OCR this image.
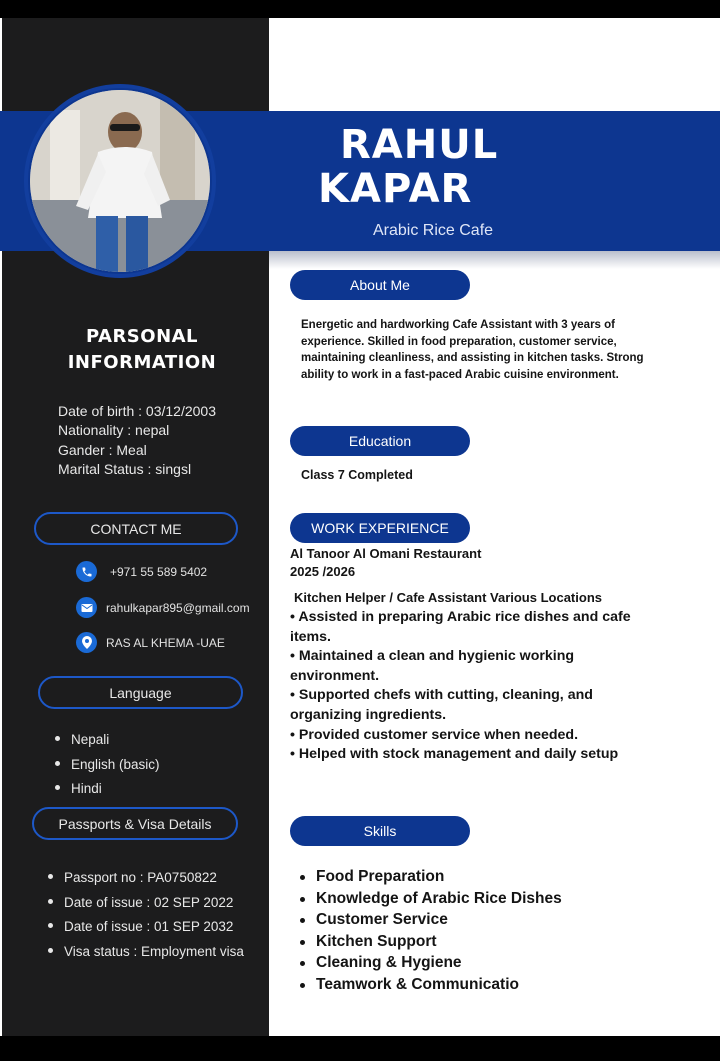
RAHUL
KAPAR
Arabic Rice Cafe
PARSONAL
INFORMATION
Date of birth : 03/12/2003
Nationality : nepal
Gander : Meal
Marital Status : singsl
CONTACT ME
+971 55 589 5402
rahulkapar895@gmail.com
RAS AL KHEMA -UAE
Language
Nepali
English (basic)
Hindi
Passports & Visa Details
Passport no : PA0750822
Date of issue : 02 SEP 2022
Date of issue : 01 SEP 2032
Visa status : Employment visa
About Me
Energetic and hardworking Cafe Assistant with 3 years of experience. Skilled in food preparation, customer service, maintaining cleanliness, and assisting in kitchen tasks. Strong ability to work in a fast-paced Arabic cuisine environment.
Education
Class 7 Completed
WORK EXPERIENCE
Al Tanoor Al Omani Restaurant
2025 /2026
Kitchen Helper / Cafe Assistant Various Locations
• Assisted in preparing Arabic rice dishes and cafe items.
• Maintained a clean and hygienic working environment.
• Supported chefs with cutting, cleaning, and organizing ingredients.
• Provided customer service when needed.
• Helped with stock management and daily setup
Skills
Food Preparation
Knowledge of Arabic Rice Dishes
Customer Service
Kitchen Support
Cleaning & Hygiene
Teamwork & Communicatio
